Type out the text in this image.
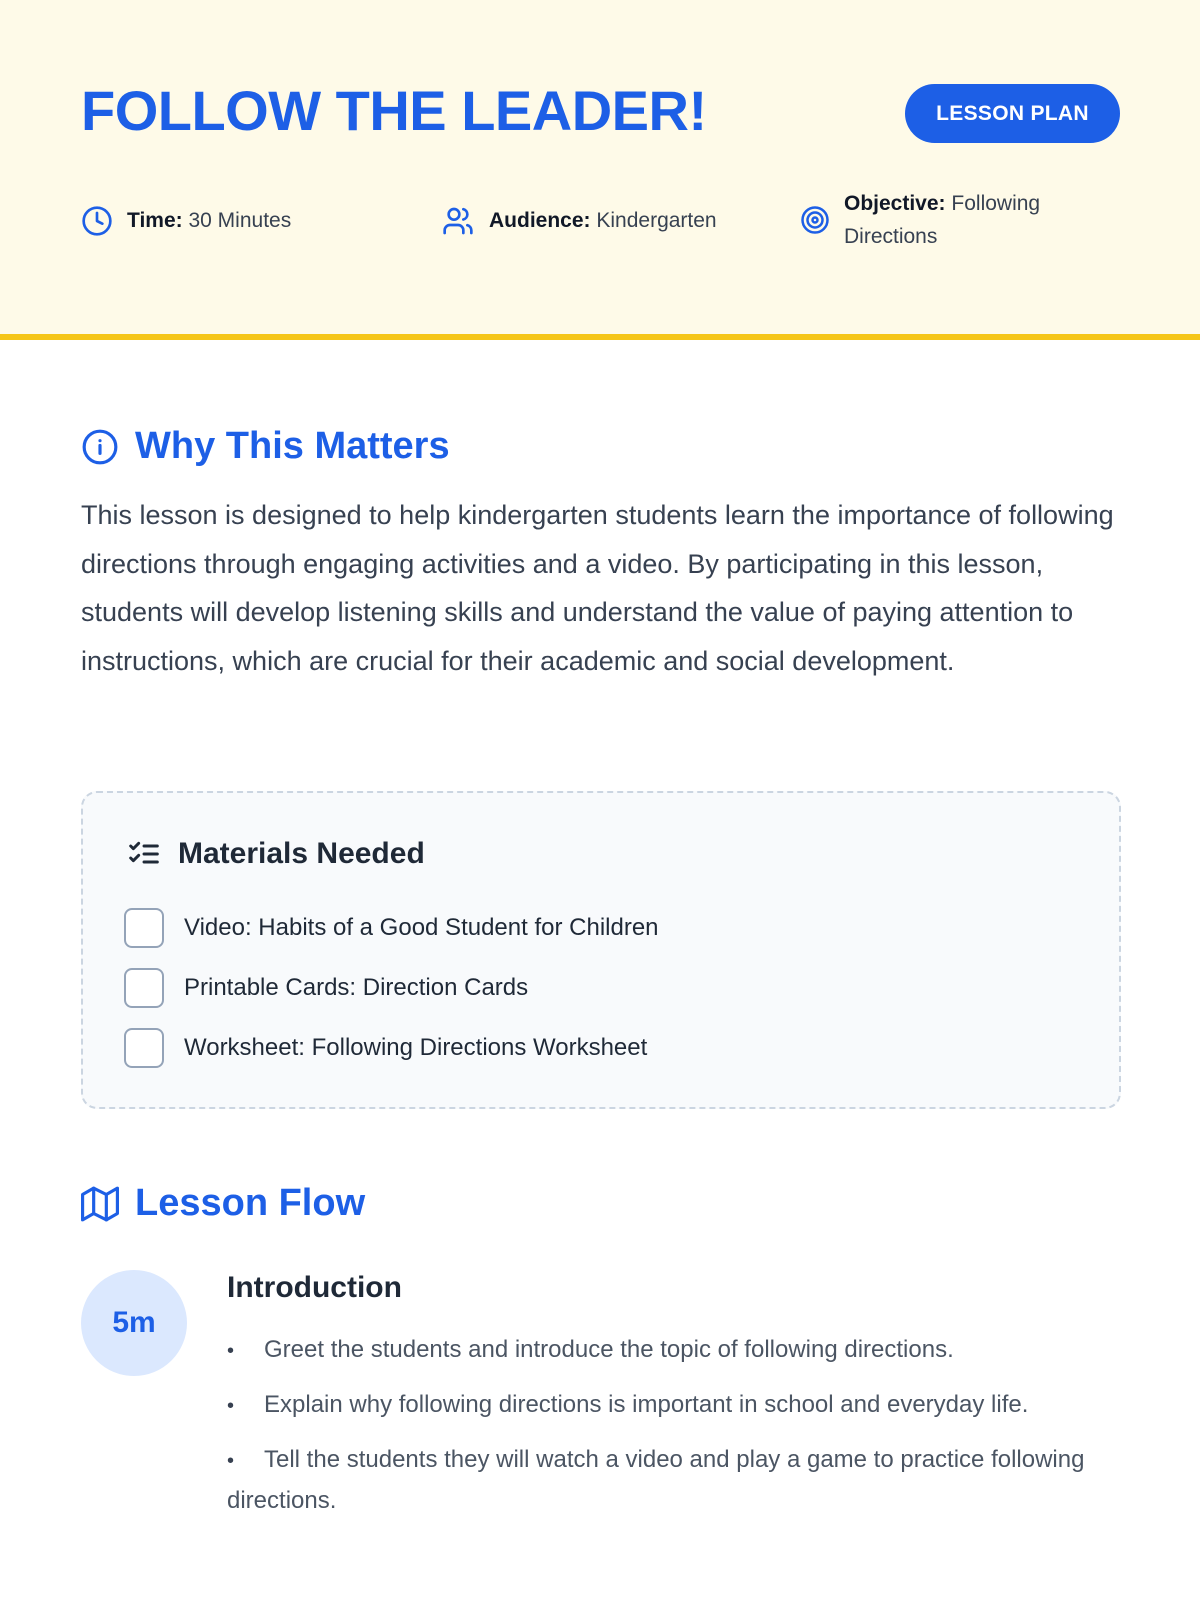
FOLLOW THE LEADER!	LESSON PLAN
Time: 30 Minutes	Audience: Kindergarten
Objective: Following
Directions
Why This Matters

This lesson is designed to help kindergarten students learn the importance of following directions through engaging activities and a video. By participating in this lesson, students will develop listening skills and understand the value of paying attention to instructions, which are crucial for their academic and social development.

Materials Needed
Video: Habits of a Good Student for Children
Printable Cards: Direction Cards
Worksheet: Following Directions Worksheet
Lesson Flow
5m
Introduction
• Greet the students and introduce the topic of following directions.
• Explain why following directions is important in school and everyday life.
• Tell the students they will watch a video and play a game to practice following directions.
